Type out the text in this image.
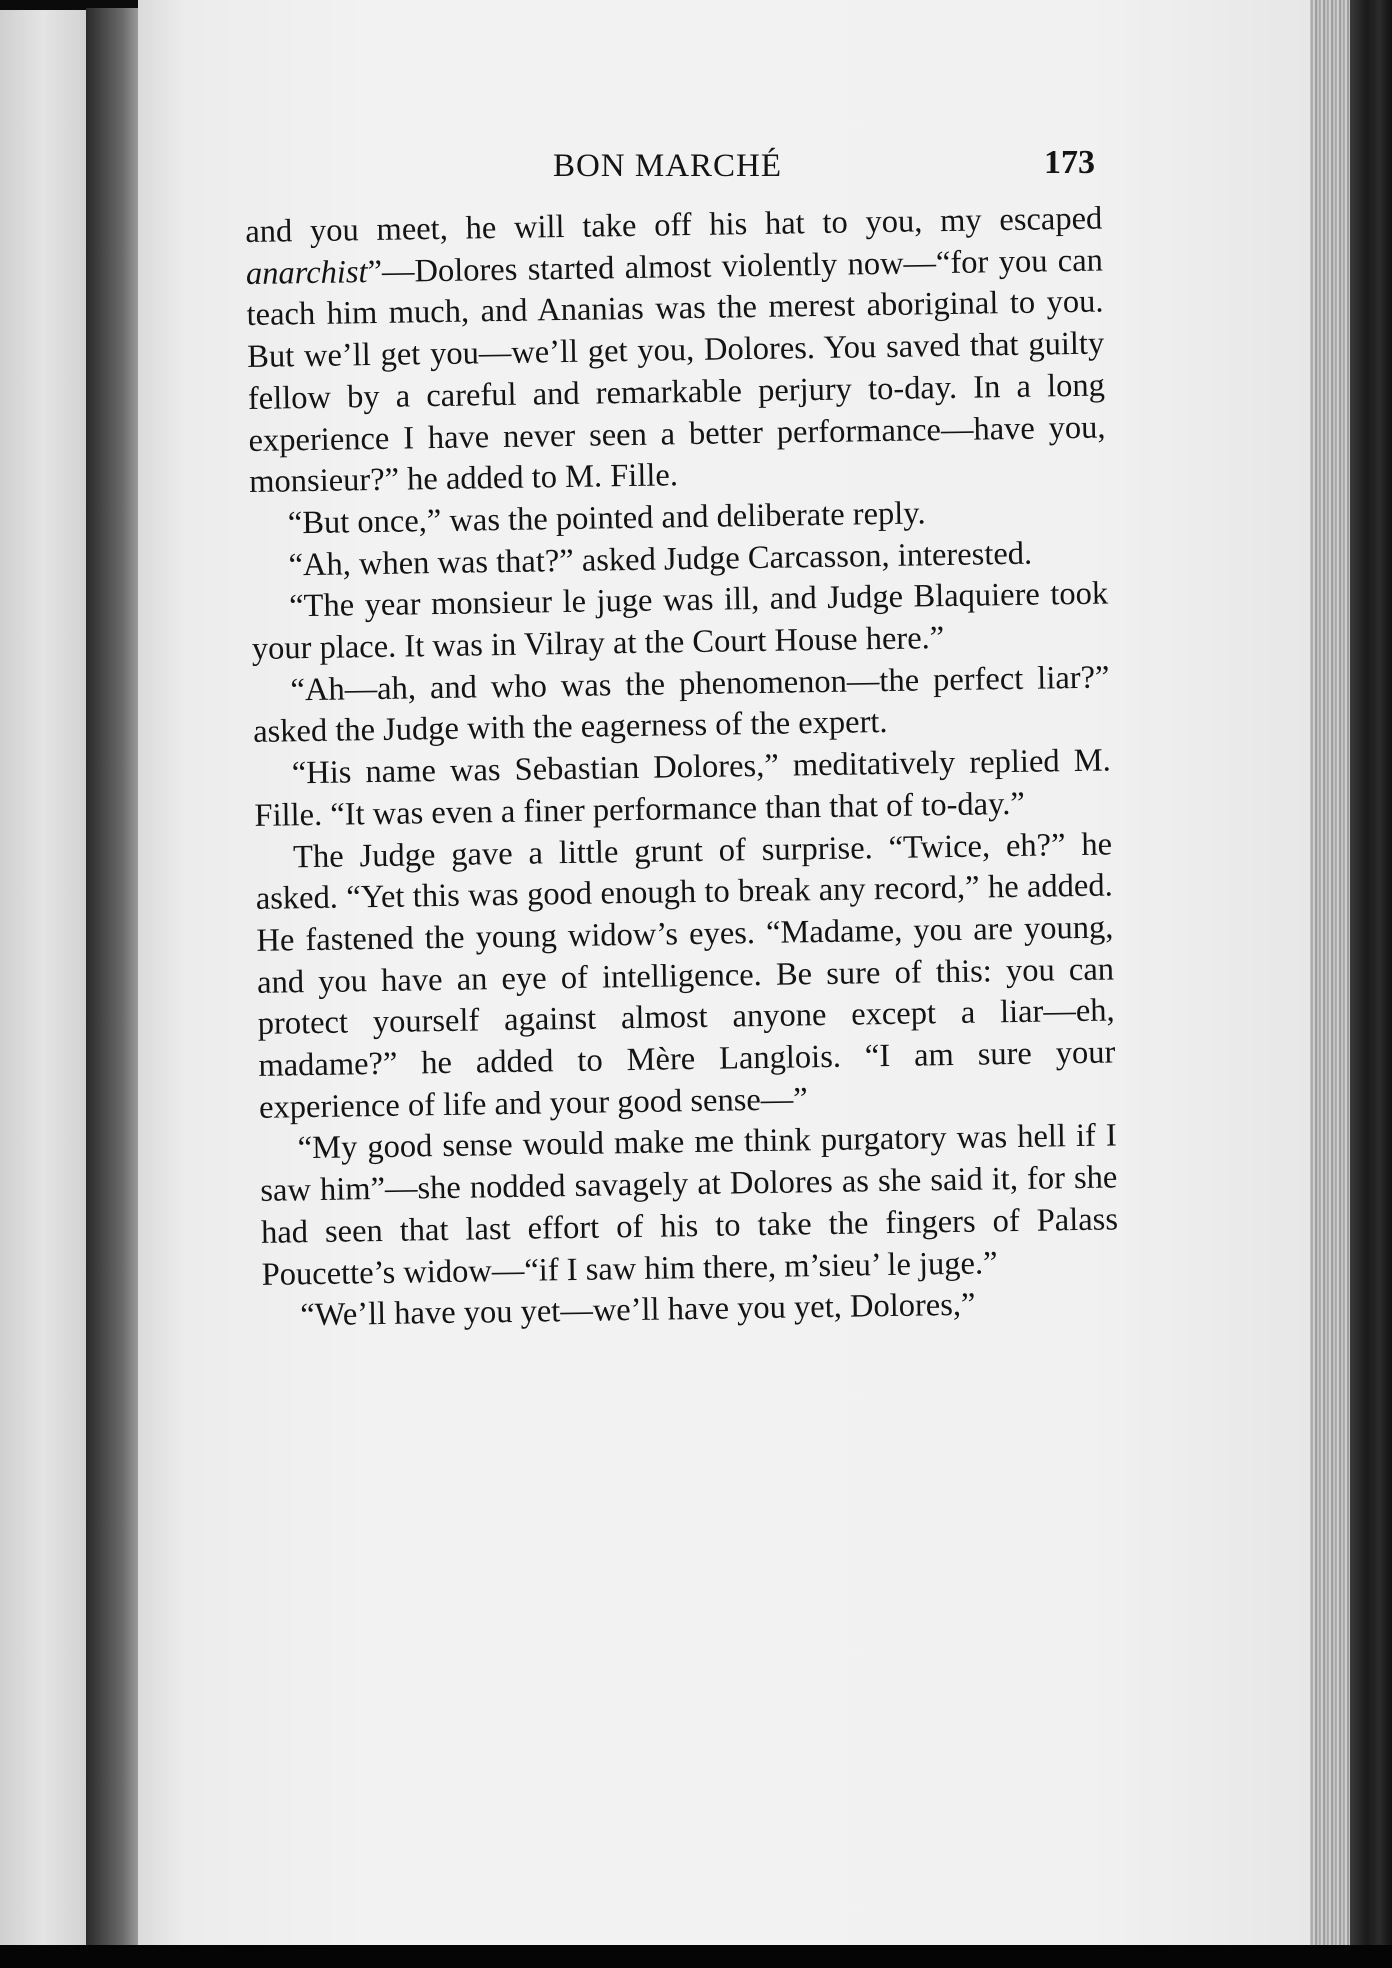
BON MARCHÉ	173

and you meet, he will take off his hat to you, my escaped anarchist”—Dolores started almost violently now—“for you can teach him much, and Ananias was the merest aboriginal to you. But we’ll get you—we’ll get you, Dolores. You saved that guilty fellow by a careful and remarkable perjury to-day. In a long experience I have never seen a better performance—have you, monsieur?” he added to M. Fille.

“But once,” was the pointed and deliberate reply.

“Ah, when was that?” asked Judge Carcasson, interested.

“The year monsieur le juge was ill, and Judge Blaquiere took your place. It was in Vilray at the Court House here.”

“Ah—ah, and who was the phenomenon—the perfect liar?” asked the Judge with the eagerness of the expert.

“His name was Sebastian Dolores,” meditatively replied M. Fille. “It was even a finer performance than that of to-day.”

The Judge gave a little grunt of surprise. “Twice, eh?” he asked. “Yet this was good enough to break any record,” he added. He fastened the young widow’s eyes. “Madame, you are young, and you have an eye of intelligence. Be sure of this: you can protect yourself against almost anyone except a liar—eh, madame?” he added to Mère Langlois. “I am sure your experience of life and your good sense—”

“My good sense would make me think purgatory was hell if I saw him”—she nodded savagely at Dolores as she said it, for she had seen that last effort of his to take the fingers of Palass Poucette’s widow—“if I saw him there, m’sieu’ le juge.”

“We’ll have you yet—we’ll have you yet, Dolores,”
